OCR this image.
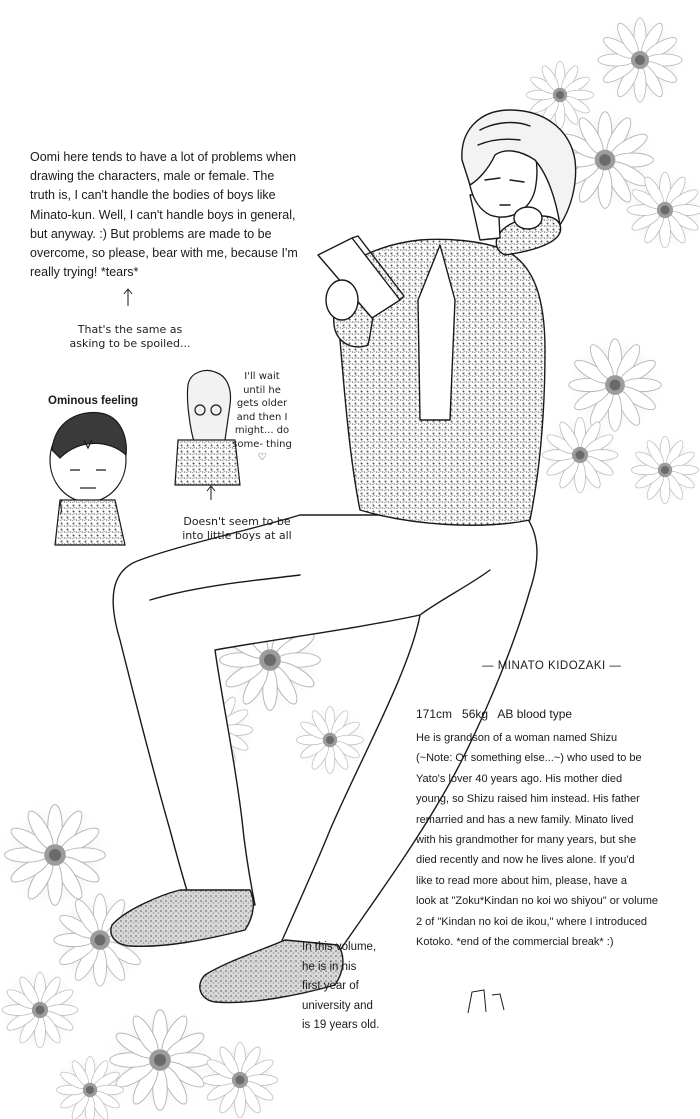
Oomi here tends to have a lot of problems when
drawing the characters, male or female. The
truth is, I can't handle the bodies of boys like
Minato-kun. Well, I can't handle boys in general,
but anyway. :) But problems are made to be
overcome, so please, bear with me, because I'm
really trying! *tears*

That's the same as asking to be spoiled...

Ominous feeling

I'll wait until he gets older and then I might... do some- thing ♡

Doesn't seem to be into little boys at all

— MINATO KIDOZAKI —

171cm   56kg   AB blood type

He is grandson of a woman named Shizu
(~Note: Or something else...~) who used to be
Yato's lover 40 years ago. His mother died
young, so Shizu raised him instead. His father
remarried and has a new family. Minato lived
with his grandmother for many years, but she
died recently and now he lives alone. If you'd
like to read more about him, please, have a
look at "Zoku*Kindan no koi wo shiyou" or volume
2 of "Kindan no koi de ikou," where I introduced
Kotoko. *end of the commercial break* :)

In this volume,
he is in his
first year of
university and
is 19 years old.
